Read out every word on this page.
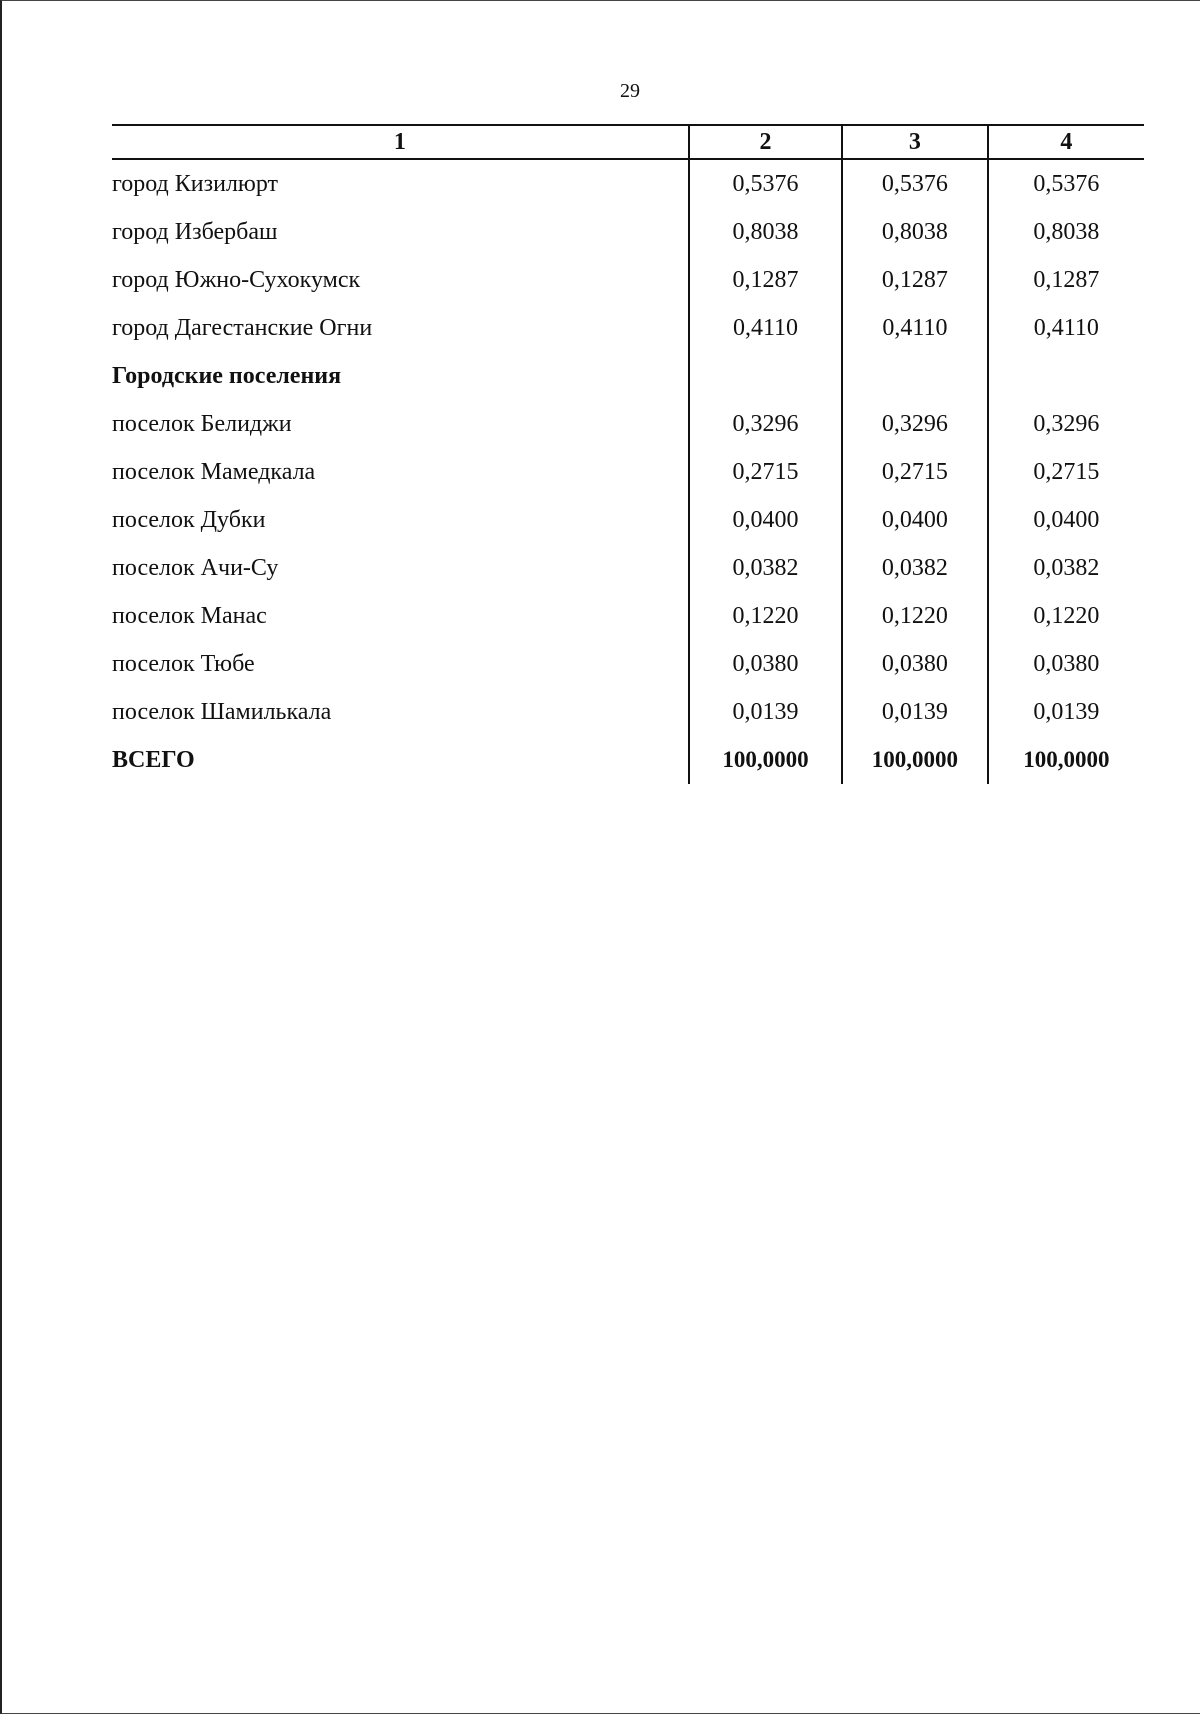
29
1	2	3	4
город Кизилюрт	0,5376	0,5376	0,5376
город Избербаш	0,8038	0,8038	0,8038
город Южно-Сухокумск	0,1287	0,1287	0,1287
город Дагестанские Огни	0,4110	0,4110	0,4110
Городские поселения			
поселок Белиджи	0,3296	0,3296	0,3296
поселок Мамедкала	0,2715	0,2715	0,2715
поселок Дубки	0,0400	0,0400	0,0400
поселок Ачи-Су	0,0382	0,0382	0,0382
поселок Манас	0,1220	0,1220	0,1220
поселок Тюбе	0,0380	0,0380	0,0380
поселок Шамилькала	0,0139	0,0139	0,0139
ВСЕГО	100,0000	100,0000	100,0000
